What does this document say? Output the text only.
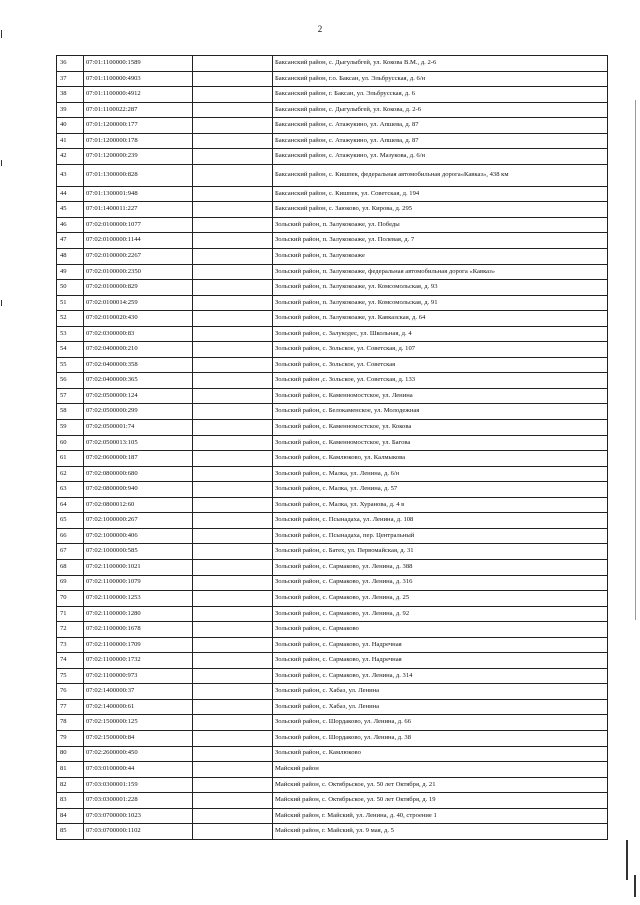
2
36	07:01:1100000:1589		Баксанский район, с. Дыгулыбгей, ул. Кокова В.М., д. 2-6
37	07:01:1100000:4903		Баксанский район, г.о. Баксан, ул. Эльбрусская, д. 6/н
38	07:01:1100000:4912		Баксанский район, г. Баксан, ул. Эльбрусская, д. 6
39	07:01:1100022:287		Баксанский район, с. Дыгулыбгей, ул. Кокова, д. 2-6
40	07:01:1200000:177		Баксанский район, с. Атажукино, ул. Апшева, д. 87
41	07:01:1200000:178		Баксанский район, с. Атажукино, ул. Апшева, д. 87
42	07:01:1200000:239		Баксанский район, с. Атажукино, ул. Мазукова, д. 6/н
43	07:01:1300000:828		Баксанский район, с. Кишпек, федеральная автомобильная дорога«Кавказ», 438 км
44	07:01:1300001:948		Баксанский район, с. Кишпек, ул. Советская, д. 194
45	07:01:1400011:227		Баксанский район, с. Заюково, ул. Кирова, д. 295
46	07:02:0100000:1077		Зольский район, п. Залукокоаже, ул. Победы
47	07:02:0100000:1144		Зольский район, п. Залукокоаже, ул. Полевая, д. 7
48	07:02:0100000:2267		Зольский район, п. Залукокоаже
49	07:02:0100000:2350		Зольский район, п. Залукокоаже, федеральная автомобильная дорога «Кавказ»
50	07:02:0100000:829		Зольский район, п. Залукокоаже, ул. Комсомольская, д. 93
51	07:02:0100014:259		Зольский район, п. Залукокоаже, ул. Комсомольская, д. 91
52	07:02:0100020:430		Зольский район, п. Залукокоаже, ул. Кавказская, д. 64
53	07:02:0300000:83		Зольский район, с. Залукодес, ул. Школьная, д. 4
54	07:02:0400000:210		Зольский район, с. Зольское, ул. Советская, д. 107
55	07:02:0400000:358		Зольский район, с. Зольское, ул. Советская
56	07:02:0400000:365		Зольский район ,с. Зольское, ул. Советская, д. 133
57	07:02:0500000:124		Зольский район, с. Каменномостское, ул. Ленина
58	07:02:0500000:299		Зольский район, с. Белокаменское, ул. Молодежная
59	07:02:0500001:74		Зольский район, с. Каменномостское, ул. Кокова
60	07:02:0500013:105		Зольский район, с. Каменномостское, ул. Багова
61	07:02:0600000:187		Зольский район, с. Камлюково, ул. Калмыкова
62	07:02:0800000:680		Зольский район, с. Малка, ул. Ленина, д. 6/н
63	07:02:0800000:940		Зольский район, с. Малка, ул. Ленина, д. 57
64	07:02:0800012:60		Зольский район, с. Малка, ул. Хуранова, д. 4 в
65	07:02:1000000:267		Зольский район, с. Псынадаха, ул. Ленина, д. 108
66	07:02:1000000:406		Зольский район, с. Псынадаха, пер. Центральный
67	07:02:1000000:585		Зольский район, с. Батех, ул. Первомайская, д. 31
68	07:02:1100000:1021		Зольский район, с. Сармаково, ул. Ленина, д. 388
69	07:02:1100000:1079		Зольский район, с. Сармаково, ул. Ленина, д. 316
70	07:02:1100000:1253		Зольский район, с. Сармаково, ул. Ленина, д. 25
71	07:02:1100000:1280		Зольский район, с. Сармаково, ул. Ленина, д. 92
72	07:02:1100000:1678		Зольский район, с. Сармаково
73	07:02:1100000:1709		Зольский район, с. Сармаково, ул. Надречная
74	07:02:1100000:1732		Зольский район, с. Сармаково, ул. Надречная
75	07:02:1100000:973		Зольский район, с. Сармаково, ул. Ленина, д. 314
76	07:02:1400000:37		Зольский район, с. Хабаз, ул. Ленина
77	07:02:1400000:61		Зольский район, с. Хабаз, ул. Ленина
78	07:02:1500000:125		Зольский район, с. Шордаково, ул. Ленина, д. 66
79	07:02:1500000:84		Зольский район, с. Шордаково, ул. Ленина, д. 38
80	07:02:2600000:450		Зольский район, с. Камлюково
81	07:03:0100000:44		Майский район
82	07:03:0300001:159		Майский район, с. Октябрьское, ул. 50 лет Октября, д. 21
83	07:03:0300001:228		Майский район, с. Октябрьское, ул. 50 лет Октября, д. 19
84	07:03:0700000:1023		Майский район, г. Майский, ул. Ленина, д. 40, строение 1
85	07:03:0700000:1102		Майский район, г. Майский, ул. 9 мая, д. 5
